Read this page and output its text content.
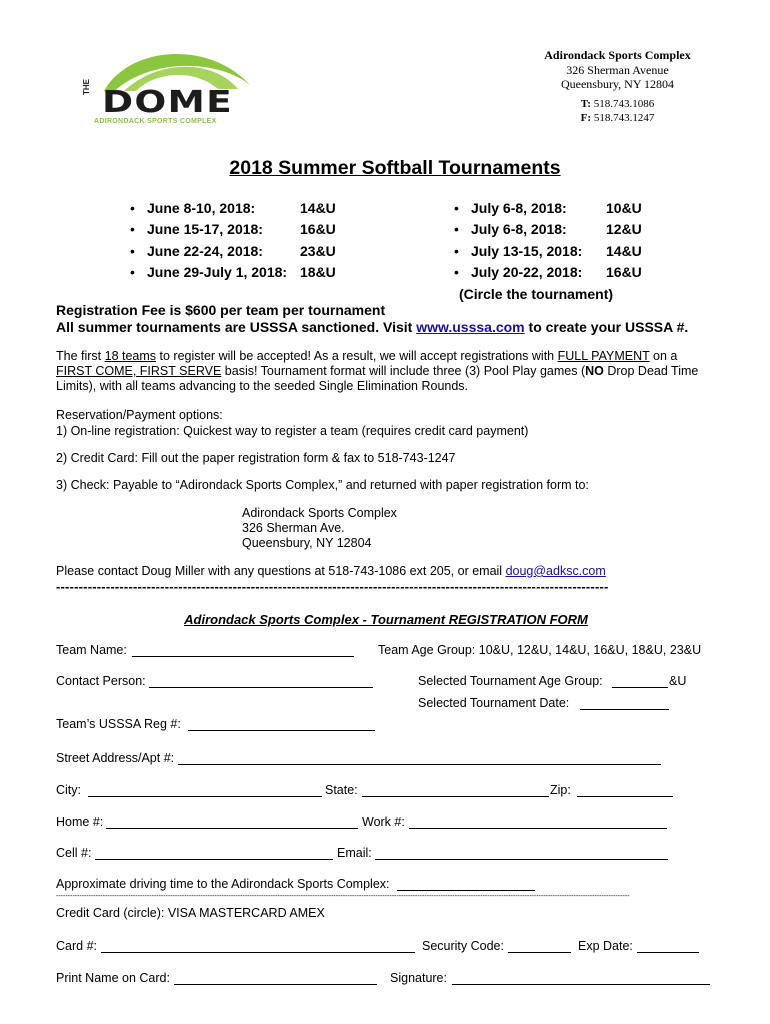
THE DOME
ADIRONDACK SPORTS COMPLEX
Adirondack Sports Complex
326 Sherman Avenue
Queensbury, NY 12804
T: 518.743.1086
F: 518.743.1247
2018 Summer Softball Tournaments
• June 8-10, 2018:	14&U
• June 15-17, 2018:	16&U
• June 22-24, 2018:	23&U
• June 29-July 1, 2018: 18&U
• July 6-8, 2018:	10&U
• July 6-8, 2018:	12&U
• July 13-15, 2018: 14&U
• July 20-22, 2018: 16&U
(Circle the tournament)
Registration Fee is $600 per team per tournament
All summer tournaments are USSSA sanctioned. Visit www.usssa.com to create your USSSA #.
The first 18 teams to register will be accepted! As a result, we will accept registrations with FULL PAYMENT on a
FIRST COME, FIRST SERVE basis! Tournament format will include three (3) Pool Play games (NO Drop Dead Time
Limits), with all teams advancing to the seeded Single Elimination Rounds.
Reservation/Payment options:
1) On-line registration: Quickest way to register a team (requires credit card payment)
2) Credit Card: Fill out the paper registration form & fax to 518-743-1247
3) Check: Payable to “Adirondack Sports Complex,” and returned with paper registration form to:
Adirondack Sports Complex
326 Sherman Ave.
Queensbury, NY 12804
Please contact Doug Miller with any questions at 518-743-1086 ext 205, or email doug@adksc.com
--------------------------------------------------------------------------------------------------------------------------
Adirondack Sports Complex - Tournament REGISTRATION FORM
Team Name:	Team Age Group: 10&U, 12&U, 14&U, 16&U, 18&U, 23&U
Contact Person:	Selected Tournament Age Group:	&U
Selected Tournament Date:
Team’s USSSA Reg #:
Street Address/Apt #:
City:	State:	Zip:
Home #:	Work #:
Cell #:	Email:
Approximate driving time to the Adirondack Sports Complex:
------------------------------------------------------------------------------------------------------------------------------------------------------------------------------------------------------------------------------------------------------
Credit Card (circle): VISA MASTERCARD AMEX
Card #:	Security Code:	Exp Date:
Print Name on Card:	Signature:
